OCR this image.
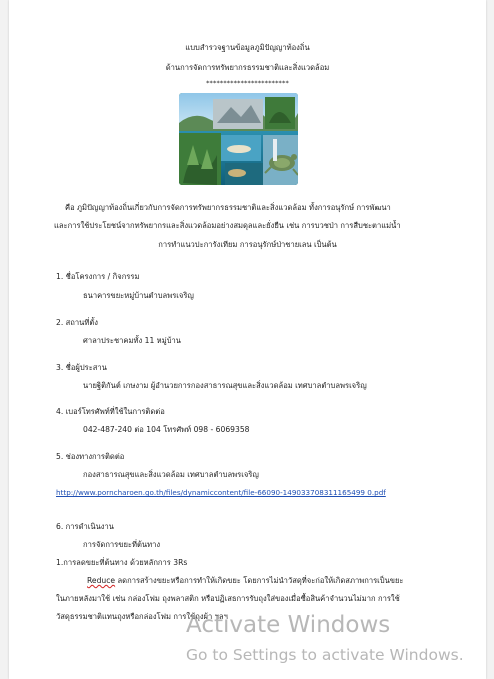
แบบสำรวจฐานข้อมูลภูมิปัญญาท้องถิ่น
ด้านการจัดการทรัพยากรธรรมชาติและสิ่งแวดล้อม
************************
คือ ภูมิปัญญาท้องถิ่นเกี่ยวกับการจัดการทรัพยากรธรรมชาติและสิ่งแวดล้อม ทั้งการอนุรักษ์ การพัฒนา
และการใช้ประโยชน์จากทรัพยากรและสิ่งแวดล้อมอย่างสมดุลและยั่งยืน เช่น การบวชป่า การสืบชะตาแม่น้ำ
การทำแนวปะการังเทียม การอนุรักษ์ป่าชายเลน เป็นต้น
1. ชื่อโครงการ / กิจกรรม
ธนาคารขยะหมู่บ้านตำบลพรเจริญ
2. สถานที่ตั้ง
ศาลาประชาคมทั้ง 11 หมู่บ้าน
3. ชื่อผู้ประสาน
นายฐิติกันต์ เกษงาม ผู้อำนวยการกองสาธารณสุขและสิ่งแวดล้อม เทศบาลตำบลพรเจริญ
4. เบอร์โทรศัพท์ที่ใช้ในการติดต่อ
042-487-240 ต่อ 104 โทรศัพท์ 098 - 6069358
5. ช่องทางการติดต่อ
กองสาธารณสุขและสิ่งแวดล้อม เทศบาลตำบลพรเจริญ
http://www.porncharoen.go.th/files/dynamiccontent/file-66090-149033708311165499 0.pdf
6. การดำเนินงาน
การจัดการขยะที่ต้นทาง
1.การลดขยะที่ต้นทาง ด้วยหลักการ 3Rs
Reduce ลดการสร้างขยะหรือการทำให้เกิดขยะ โดยการไม่นำวัสดุที่จะก่อให้เกิดสภาพการเป็นขยะ
ในภายหลังมาใช้ เช่น กล่องโฟม ถุงพลาสติก หรือปฏิเสธการรับถุงใส่ของเมื่อซื้อสินค้าจำนวนไม่มาก การใช้
วัสดุธรรมชาติแทนถุงหรือกล่องโฟม การใช้ถุงผ้า ฯลฯ
Activate Windows
Go to Settings to activate Windows.
